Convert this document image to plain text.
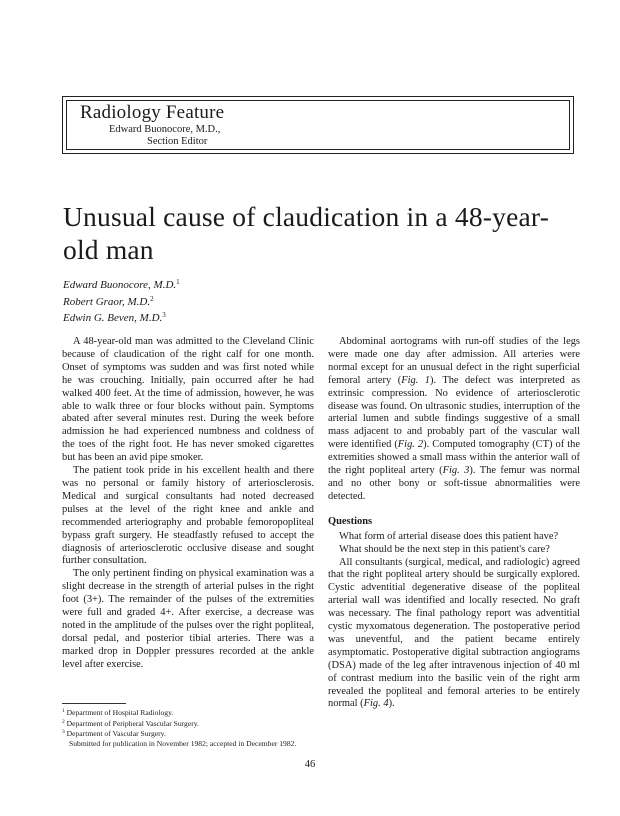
Radiology Feature
Edward Buonocore, M.D.,
Section Editor
Unusual cause of claudication in a 48-year-old man
Edward Buonocore, M.D.$^1$
Robert Graor, M.D.$^2$
Edwin G. Beven, M.D.$^3$

A 48-year-old man was admitted to the Cleveland Clinic because of claudication of the right calf for one month. Onset of symptoms was sudden and was first noted while he was crouching. Initially, pain occurred after he had walked 400 feet. At the time of admission, however, he was able to walk three or four blocks without pain. Symptoms abated after several minutes rest. During the week before admission he had experienced numbness and coldness of the toes of the right foot. He has never smoked cigarettes but has been an avid pipe smoker.

The patient took pride in his excellent health and there was no personal or family history of arteriosclerosis. Medical and surgical consultants had noted decreased pulses at the level of the right knee and ankle and recommended arteriography and probable femoropopliteal bypass graft surgery. He steadfastly refused to accept the diagnosis of arteriosclerotic occlusive disease and sought further consultation.

The only pertinent finding on physical examination was a slight decrease in the strength of arterial pulses in the right foot (3+). The remainder of the pulses of the extremities were full and graded 4+. After exercise, a decrease was noted in the amplitude of the pulses over the right popliteal, dorsal pedal, and posterior tibial arteries. There was a marked drop in Doppler pressures recorded at the ankle level after exercise.

$^1$ Department of Hospital Radiology.

$^2$ Department of Peripheral Vascular Surgery.

$^3$ Department of Vascular Surgery.

Submitted for publication in November 1982; accepted in December 1982.

Abdominal aortograms with run-off studies of the legs were made one day after admission. All arteries were normal except for an unusual defect in the right superficial femoral artery (Fig. 1). The defect was interpreted as extrinsic compression. No evidence of arteriosclerotic disease was found. On ultrasonic studies, interruption of the arterial lumen and subtle findings suggestive of a small mass adjacent to and probably part of the vascular wall were identified (Fig. 2). Computed tomography (CT) of the extremities showed a small mass within the anterior wall of the right popliteal artery (Fig. 3). The femur was normal and no other bony or soft-tissue abnormalities were detected.

Questions

What form of arterial disease does this patient have?

What should be the next step in this patient's care?

All consultants (surgical, medical, and radiologic) agreed that the right popliteal artery should be surgically explored. Cystic adventitial degenerative disease of the popliteal arterial wall was identified and locally resected. No graft was necessary. The final pathology report was adventitial cystic myxomatous degeneration. The postoperative period was uneventful, and the patient became entirely asymptomatic. Postoperative digital subtraction angiograms (DSA) made of the leg after intravenous injection of 40 ml of contrast medium into the basilic vein of the right arm revealed the popliteal and femoral arteries to be entirely normal (Fig. 4).

46
